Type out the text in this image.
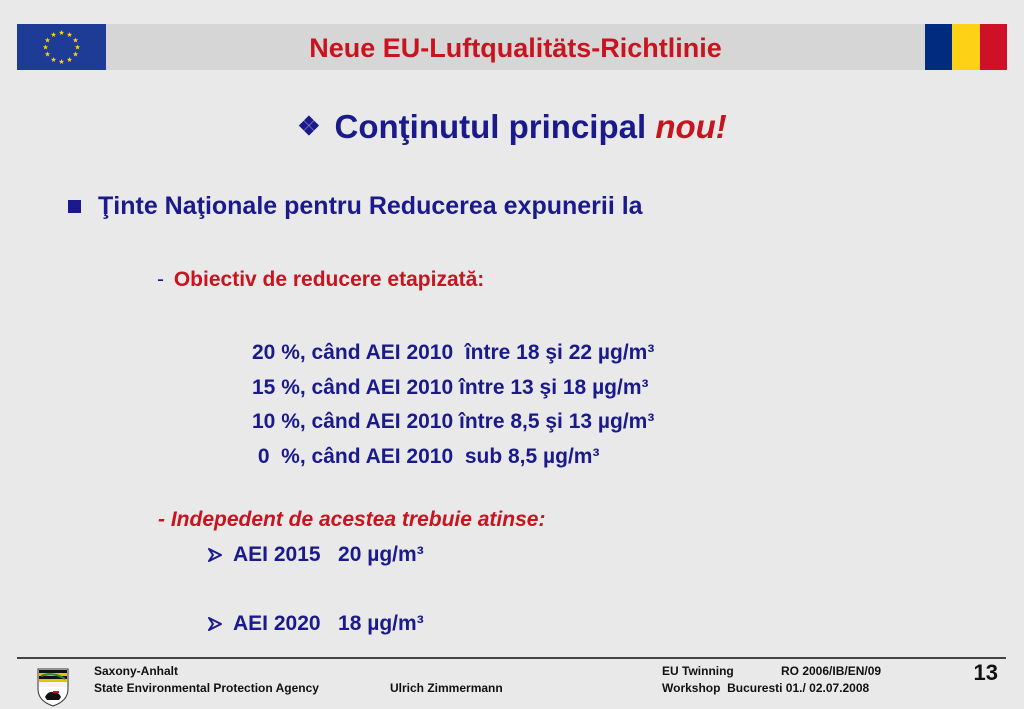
★ ★
★
★
★
★
★
★
★
★
★
★	Neue EU-Luftqualitäts-Richtlinie
❖ Conţinutul principal nou!
Ţinte Naţionale pentru Reducerea expunerii la
- Obiectiv de reducere etapizată:
20 %, când AEI 2010  între 18 şi 22 µg/m³
15 %, când AEI 2010 între 13 şi 18 µg/m³
10 %, când AEI 2010 între 8,5 şi 13 µg/m³
0  %, când AEI 2010  sub 8,5 µg/m³
- Indepedent de acestea trebuie atinse:
AEI 2015   20 µg/m³
AEI 2020   18 µg/m³
Saxony-Anhalt
State Environmental Protection Agency	Ulrich Zimmermann
EU Twinning	RO 2006/IB/EN/09
Workshop  Bucuresti 01./ 02.07.2008
13
